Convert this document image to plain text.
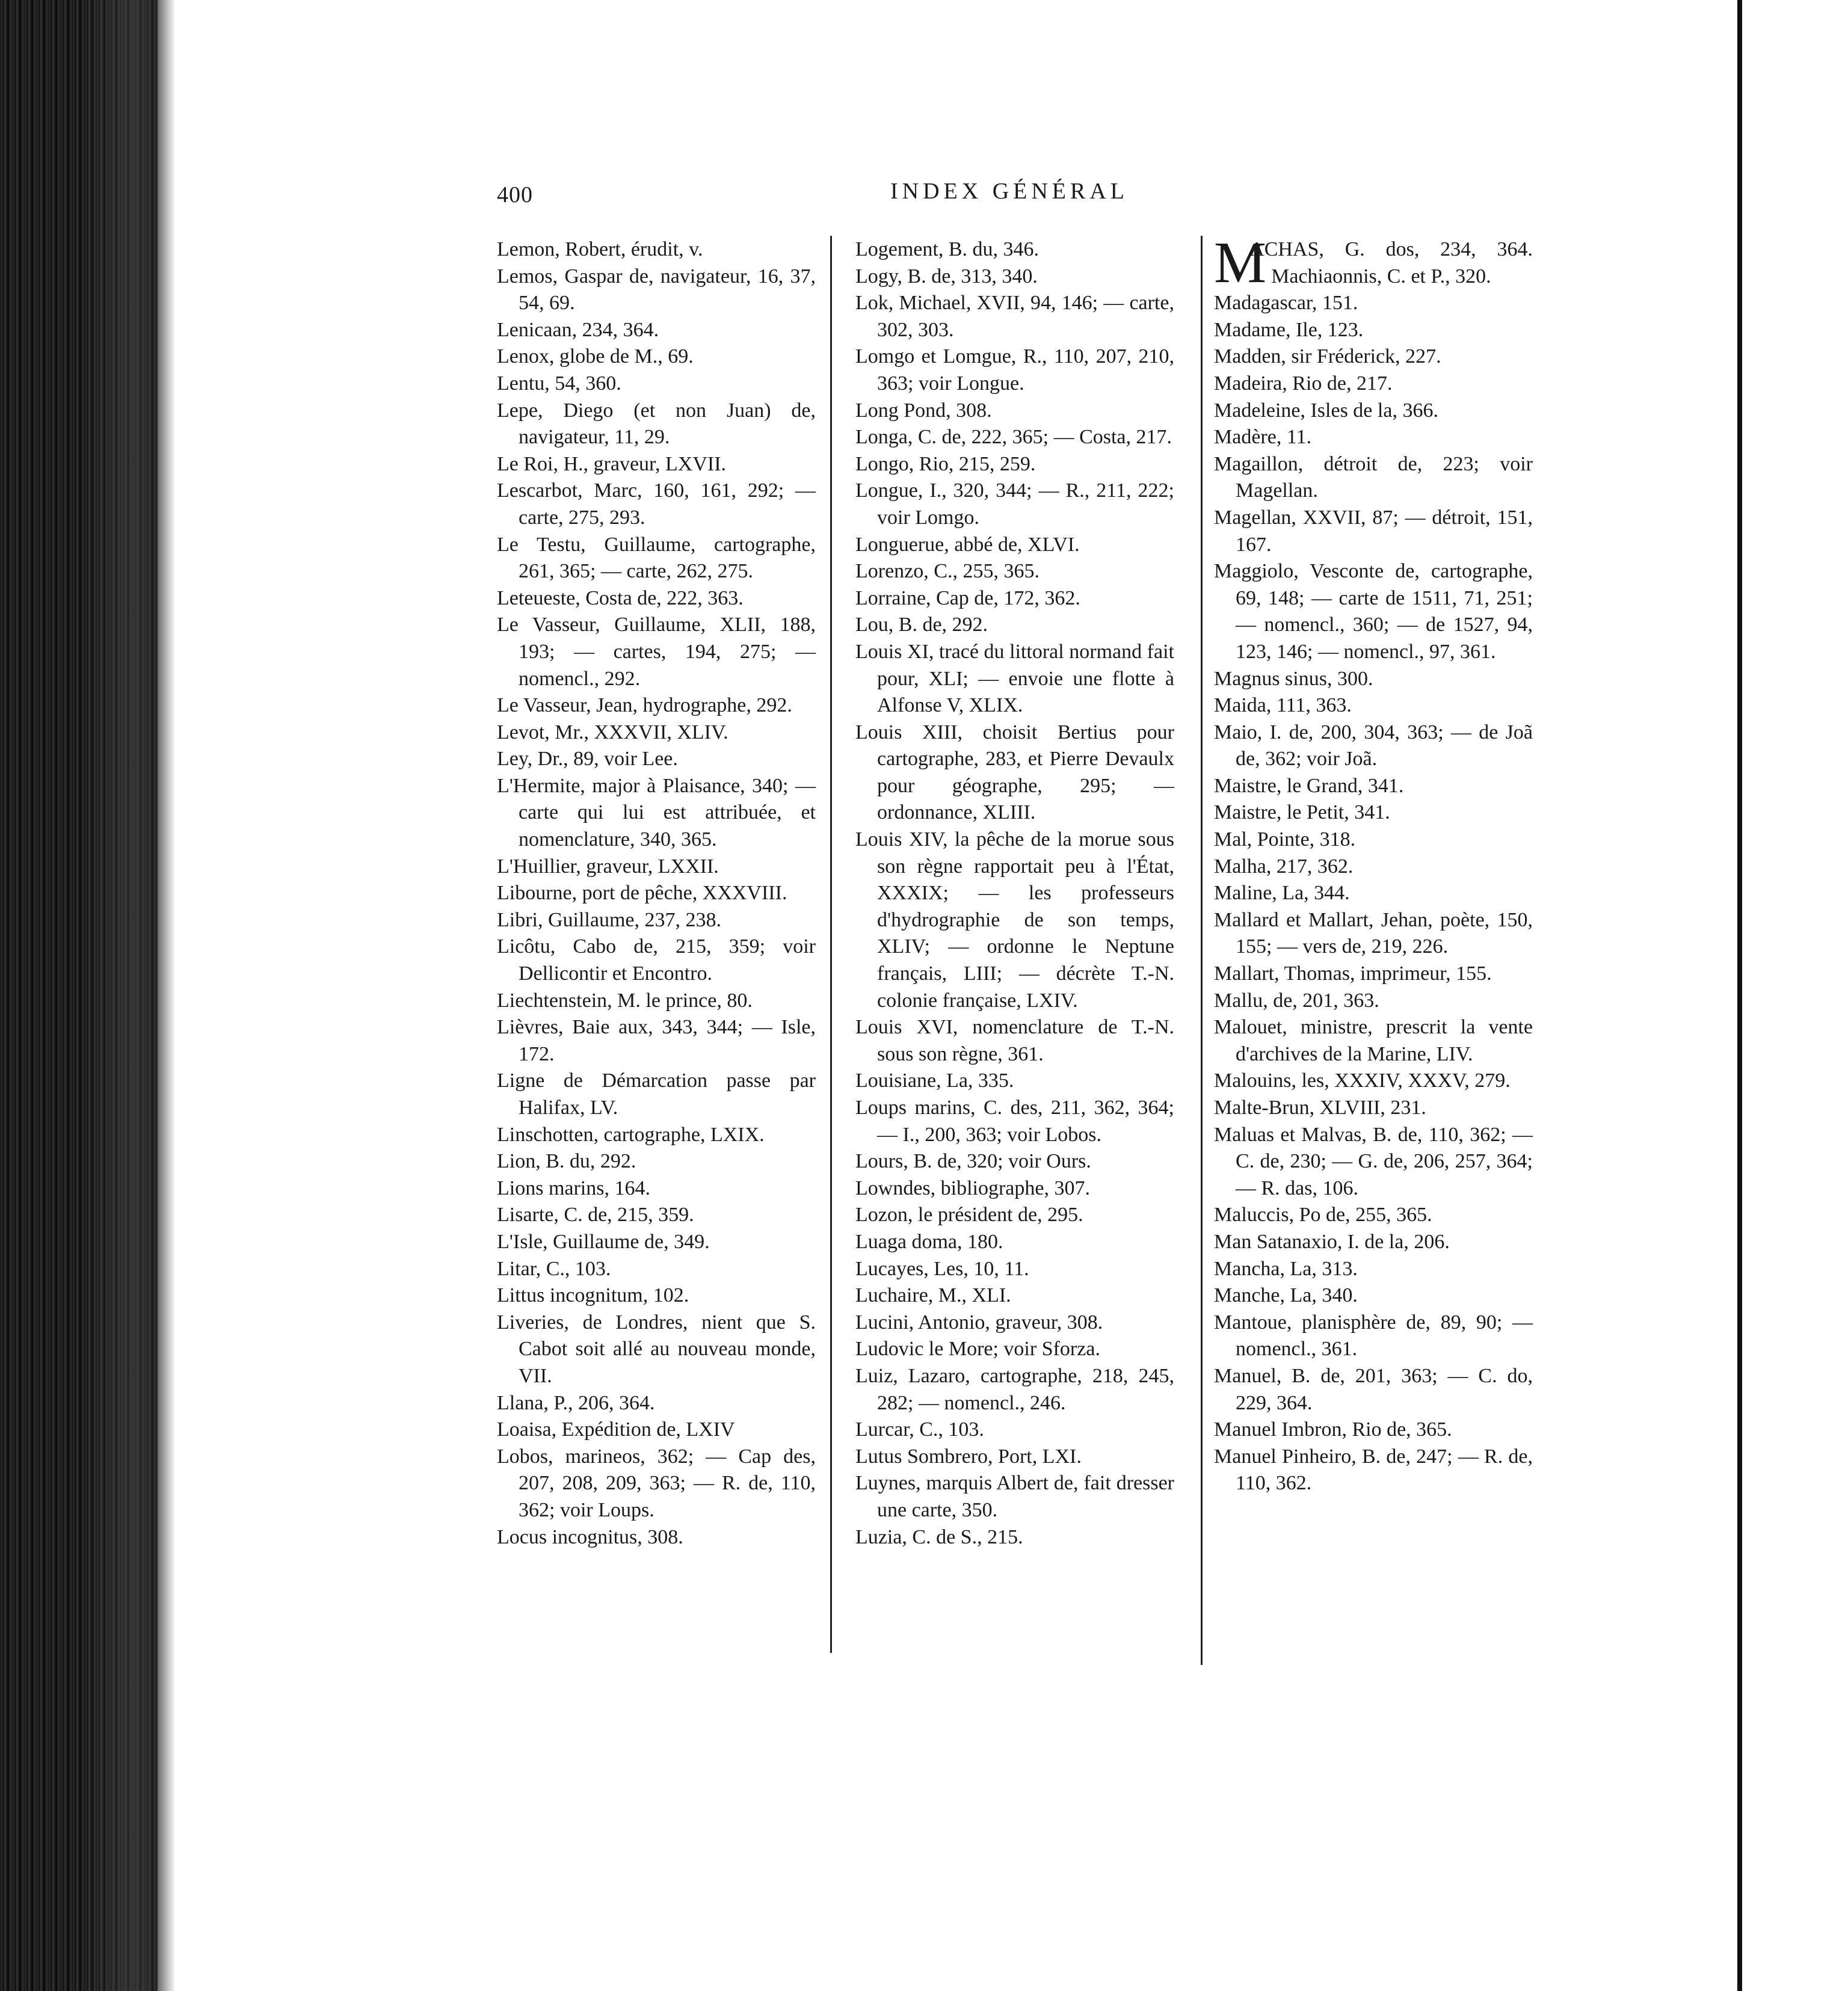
400	INDEX GÉNÉRAL

Lemon, Robert, érudit, v.

Lemos, Gaspar de, navigateur, 16, 37, 54, 69.

Lenicaan, 234, 364.

Lenox, globe de M., 69.

Lentu, 54, 360.

Lepe, Diego (et non Juan) de, navigateur, 11, 29.

Le Roi, H., graveur, LXVII.

Lescarbot, Marc, 160, 161, 292; — carte, 275, 293.

Le Testu, Guillaume, cartographe, 261, 365; — carte, 262, 275.

Leteueste, Costa de, 222, 363.

Le Vasseur, Guillaume, XLII, 188, 193; — cartes, 194, 275; — nomencl., 292.

Le Vasseur, Jean, hydrographe, 292.

Levot, Mr., XXXVII, XLIV.

Ley, Dr., 89, voir Lee.

L'Hermite, major à Plaisance, 340; — carte qui lui est attribuée, et nomenclature, 340, 365.

L'Huillier, graveur, LXXII.

Libourne, port de pêche, XXXVIII.

Libri, Guillaume, 237, 238.

Licôtu, Cabo de, 215, 359; voir Dellicontir et Encontro.

Liechtenstein, M. le prince, 80.

Lièvres, Baie aux, 343, 344; — Isle, 172.

Ligne de Démarcation passe par Halifax, LV.

Linschotten, cartographe, LXIX.

Lion, B. du, 292.

Lions marins, 164.

Lisarte, C. de, 215, 359.

L'Isle, Guillaume de, 349.

Litar, C., 103.

Littus incognitum, 102.

Liveries, de Londres, nient que S. Cabot soit allé au nouveau monde, VII.

Llana, P., 206, 364.

Loaisa, Expédition de, LXIV

Lobos, marineos, 362; — Cap des, 207, 208, 209, 363; — R. de, 110, 362; voir Loups.

Locus incognitus, 308.

Logement, B. du, 346.

Logy, B. de, 313, 340.

Lok, Michael, XVII, 94, 146; — carte, 302, 303.

Lomgo et Lomgue, R., 110, 207, 210, 363; voir Longue.

Long Pond, 308.

Longa, C. de, 222, 365; — Costa, 217.

Longo, Rio, 215, 259.

Longue, I., 320, 344; — R., 211, 222; voir Lomgo.

Longuerue, abbé de, XLVI.

Lorenzo, C., 255, 365.

Lorraine, Cap de, 172, 362.

Lou, B. de, 292.

Louis XI, tracé du littoral normand fait pour, XLI; — envoie une flotte à Alfonse V, XLIX.

Louis XIII, choisit Bertius pour cartographe, 283, et Pierre Devaulx pour géographe, 295; — ordonnance, XLIII.

Louis XIV, la pêche de la morue sous son règne rapportait peu à l'État, XXXIX; — les professeurs d'hydrographie de son temps, XLIV; — ordonne le Neptune français, LIII; — décrète T.-N. colonie française, LXIV.

Louis XVI, nomenclature de T.-N. sous son règne, 361.

Louisiane, La, 335.

Loups marins, C. des, 211, 362, 364; — I., 200, 363; voir Lobos.

Lours, B. de, 320; voir Ours.

Lowndes, bibliographe, 307.

Lozon, le président de, 295.

Luaga doma, 180.

Lucayes, Les, 10, 11.

Luchaire, M., XLI.

Lucini, Antonio, graveur, 308.

Ludovic le More; voir Sforza.

Luiz, Lazaro, cartographe, 218, 245, 282; — nomencl., 246.

Lurcar, C., 103.

Lutus Sombrero, Port, LXI.

Luynes, marquis Albert de, fait dresser une carte, 350.

Luzia, C. de S., 215.

M
ACHAS, G. dos, 234, 364. Machiaonnis, C. et P., 320.

Madagascar, 151.

Madame, Ile, 123.

Madden, sir Fréderick, 227.

Madeira, Rio de, 217.

Madeleine, Isles de la, 366.

Madère, 11.

Magaillon, détroit de, 223; voir Magellan.

Magellan, XXVII, 87; — détroit, 151, 167.

Maggiolo, Vesconte de, cartographe, 69, 148; — carte de 1511, 71, 251; — nomencl., 360; — de 1527, 94, 123, 146; — nomencl., 97, 361.

Magnus sinus, 300.

Maida, 111, 363.

Maio, I. de, 200, 304, 363; — de Joã de, 362; voir Joã.

Maistre, le Grand, 341.

Maistre, le Petit, 341.

Mal, Pointe, 318.

Malha, 217, 362.

Maline, La, 344.

Mallard et Mallart, Jehan, poète, 150, 155; — vers de, 219, 226.

Mallart, Thomas, imprimeur, 155.

Mallu, de, 201, 363.

Malouet, ministre, prescrit la vente d'archives de la Marine, LIV.

Malouins, les, XXXIV, XXXV, 279.

Malte-Brun, XLVIII, 231.

Maluas et Malvas, B. de, 110, 362; — C. de, 230; — G. de, 206, 257, 364; — R. das, 106.

Maluccis, Po de, 255, 365.

Man Satanaxio, I. de la, 206.

Mancha, La, 313.

Manche, La, 340.

Mantoue, planisphère de, 89, 90; — nomencl., 361.

Manuel, B. de, 201, 363; — C. do, 229, 364.

Manuel Imbron, Rio de, 365.

Manuel Pinheiro, B. de, 247; — R. de, 110, 362.
